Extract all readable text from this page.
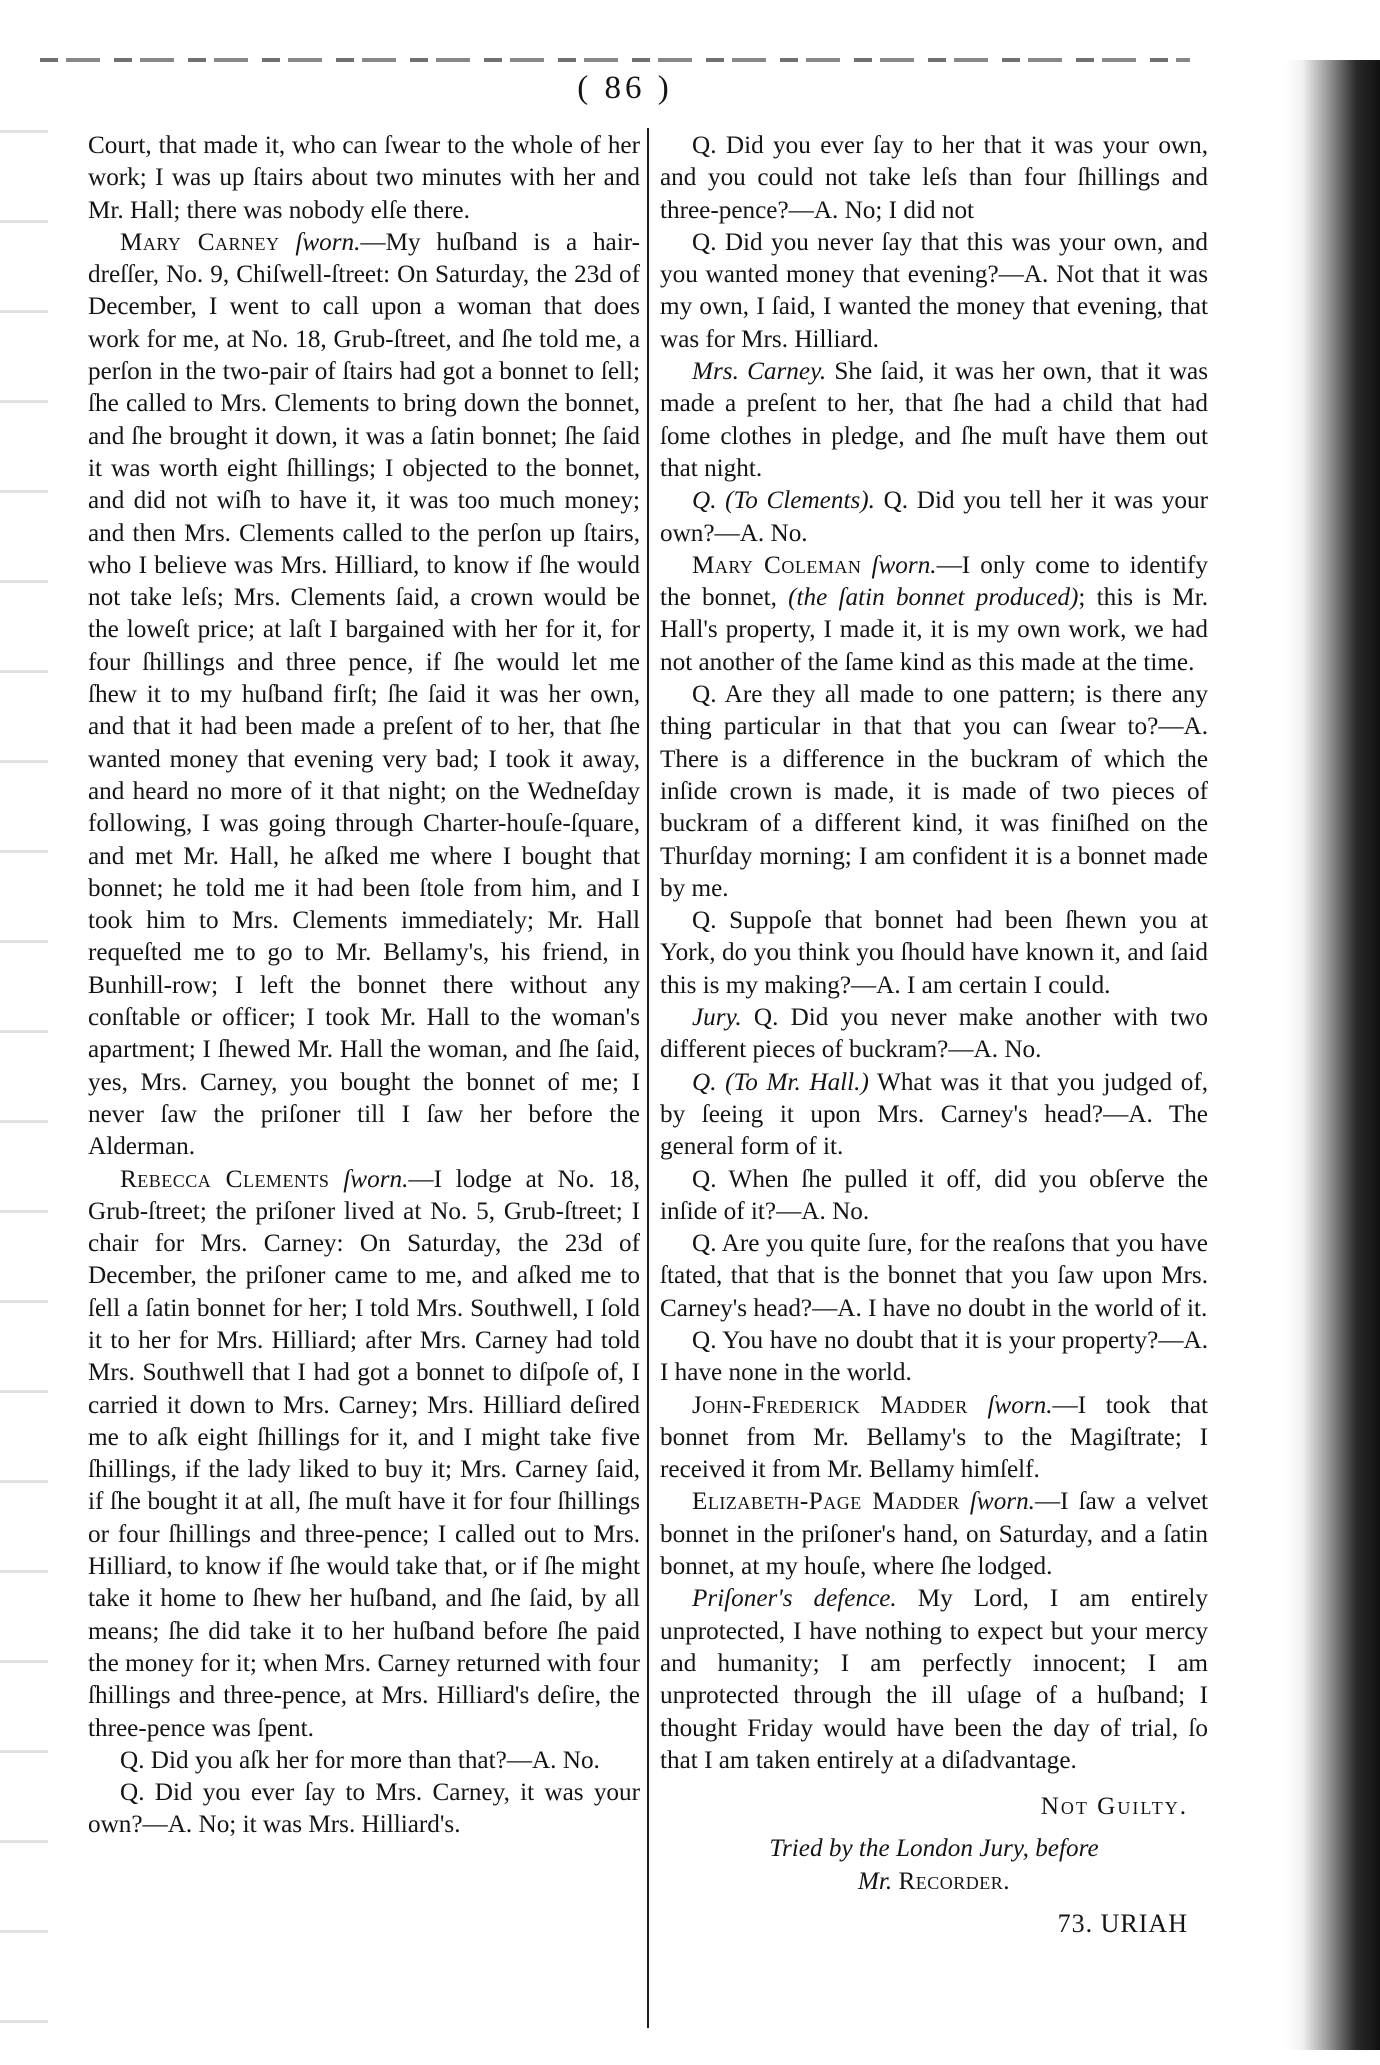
( 86 )

Court, that made it, who can ſwear to the whole of her work; I was up ſtairs about two minutes with her and Mr. Hall; there was nobody elſe there.

Mary Carney ſworn.—My huſband is a hair-dreſſer, No. 9, Chiſwell-ſtreet: On Saturday, the 23d of December, I went to call upon a woman that does work for me, at No. 18, Grub-ſtreet, and ſhe told me, a perſon in the two-pair of ſtairs had got a bonnet to ſell; ſhe called to Mrs. Clements to bring down the bonnet, and ſhe brought it down, it was a ſatin bonnet; ſhe ſaid it was worth eight ſhillings; I objected to the bonnet, and did not wiſh to have it, it was too much money; and then Mrs. Clements called to the perſon up ſtairs, who I believe was Mrs. Hilliard, to know if ſhe would not take leſs; Mrs. Clements ſaid, a crown would be the loweſt price; at laſt I bargained with her for it, for four ſhillings and three pence, if ſhe would let me ſhew it to my huſband firſt; ſhe ſaid it was her own, and that it had been made a preſent of to her, that ſhe wanted money that evening very bad; I took it away, and heard no more of it that night; on the Wedneſday following, I was going through Charter-houſe-ſquare, and met Mr. Hall, he aſked me where I bought that bonnet; he told me it had been ſtole from him, and I took him to Mrs. Clements immediately; Mr. Hall requeſted me to go to Mr. Bellamy's, his friend, in Bunhill-row; I left the bonnet there without any conſtable or officer; I took Mr. Hall to the woman's apartment; I ſhewed Mr. Hall the woman, and ſhe ſaid, yes, Mrs. Carney, you bought the bonnet of me; I never ſaw the priſoner till I ſaw her before the Alderman.

Rebecca Clements ſworn.—I lodge at No. 18, Grub-ſtreet; the priſoner lived at No. 5, Grub-ſtreet; I chair for Mrs. Carney: On Saturday, the 23d of December, the priſoner came to me, and aſked me to ſell a ſatin bonnet for her; I told Mrs. Southwell, I ſold it to her for Mrs. Hilliard; after Mrs. Carney had told Mrs. Southwell that I had got a bonnet to diſpoſe of, I carried it down to Mrs. Carney; Mrs. Hilliard deſired me to aſk eight ſhillings for it, and I might take five ſhillings, if the lady liked to buy it; Mrs. Carney ſaid, if ſhe bought it at all, ſhe muſt have it for four ſhillings or four ſhillings and three-pence; I called out to Mrs. Hilliard, to know if ſhe would take that, or if ſhe might take it home to ſhew her huſband, and ſhe ſaid, by all means; ſhe did take it to her huſband before ſhe paid the money for it; when Mrs. Carney returned with four ſhillings and three-pence, at Mrs. Hilliard's deſire, the three-pence was ſpent.

Q. Did you aſk her for more than that?—A. No.

Q. Did you ever ſay to Mrs. Carney, it was your own?—A. No; it was Mrs. Hilliard's.

Q. Did you ever ſay to her that it was your own, and you could not take leſs than four ſhillings and three-pence?—A. No; I did not

Q. Did you never ſay that this was your own, and you wanted money that evening?—A. Not that it was my own, I ſaid, I wanted the money that evening, that was for Mrs. Hilliard.

Mrs. Carney. She ſaid, it was her own, that it was made a preſent to her, that ſhe had a child that had ſome clothes in pledge, and ſhe muſt have them out that night.

Q. (To Clements). Q. Did you tell her it was your own?—A. No.

Mary Coleman ſworn.—I only come to identify the bonnet, (the ſatin bonnet produced); this is Mr. Hall's property, I made it, it is my own work, we had not another of the ſame kind as this made at the time.

Q. Are they all made to one pattern; is there any thing particular in that that you can ſwear to?—A. There is a difference in the buckram of which the inſide crown is made, it is made of two pieces of buckram of a different kind, it was finiſhed on the Thurſday morning; I am confident it is a bonnet made by me.

Q. Suppoſe that bonnet had been ſhewn you at York, do you think you ſhould have known it, and ſaid this is my making?—A. I am certain I could.

Jury. Q. Did you never make another with two different pieces of buckram?—A. No.

Q. (To Mr. Hall.) What was it that you judged of, by ſeeing it upon Mrs. Carney's head?—A. The general form of it.

Q. When ſhe pulled it off, did you obſerve the inſide of it?—A. No.

Q. Are you quite ſure, for the reaſons that you have ſtated, that that is the bonnet that you ſaw upon Mrs. Carney's head?—A. I have no doubt in the world of it.

Q. You have no doubt that it is your property?—A. I have none in the world.

John-Frederick Madder ſworn.—I took that bonnet from Mr. Bellamy's to the Magiſtrate; I received it from Mr. Bellamy himſelf.

Elizabeth-Page Madder ſworn.—I ſaw a velvet bonnet in the priſoner's hand, on Saturday, and a ſatin bonnet, at my houſe, where ſhe lodged.

Priſoner's defence. My Lord, I am entirely unprotected, I have nothing to expect but your mercy and humanity; I am perfectly innocent; I am unprotected through the ill uſage of a huſband; I thought Friday would have been the day of trial, ſo that I am taken entirely at a diſadvantage.

Not Guilty.

Tried by the London Jury, before

Mr. Recorder.

73. URIAH
